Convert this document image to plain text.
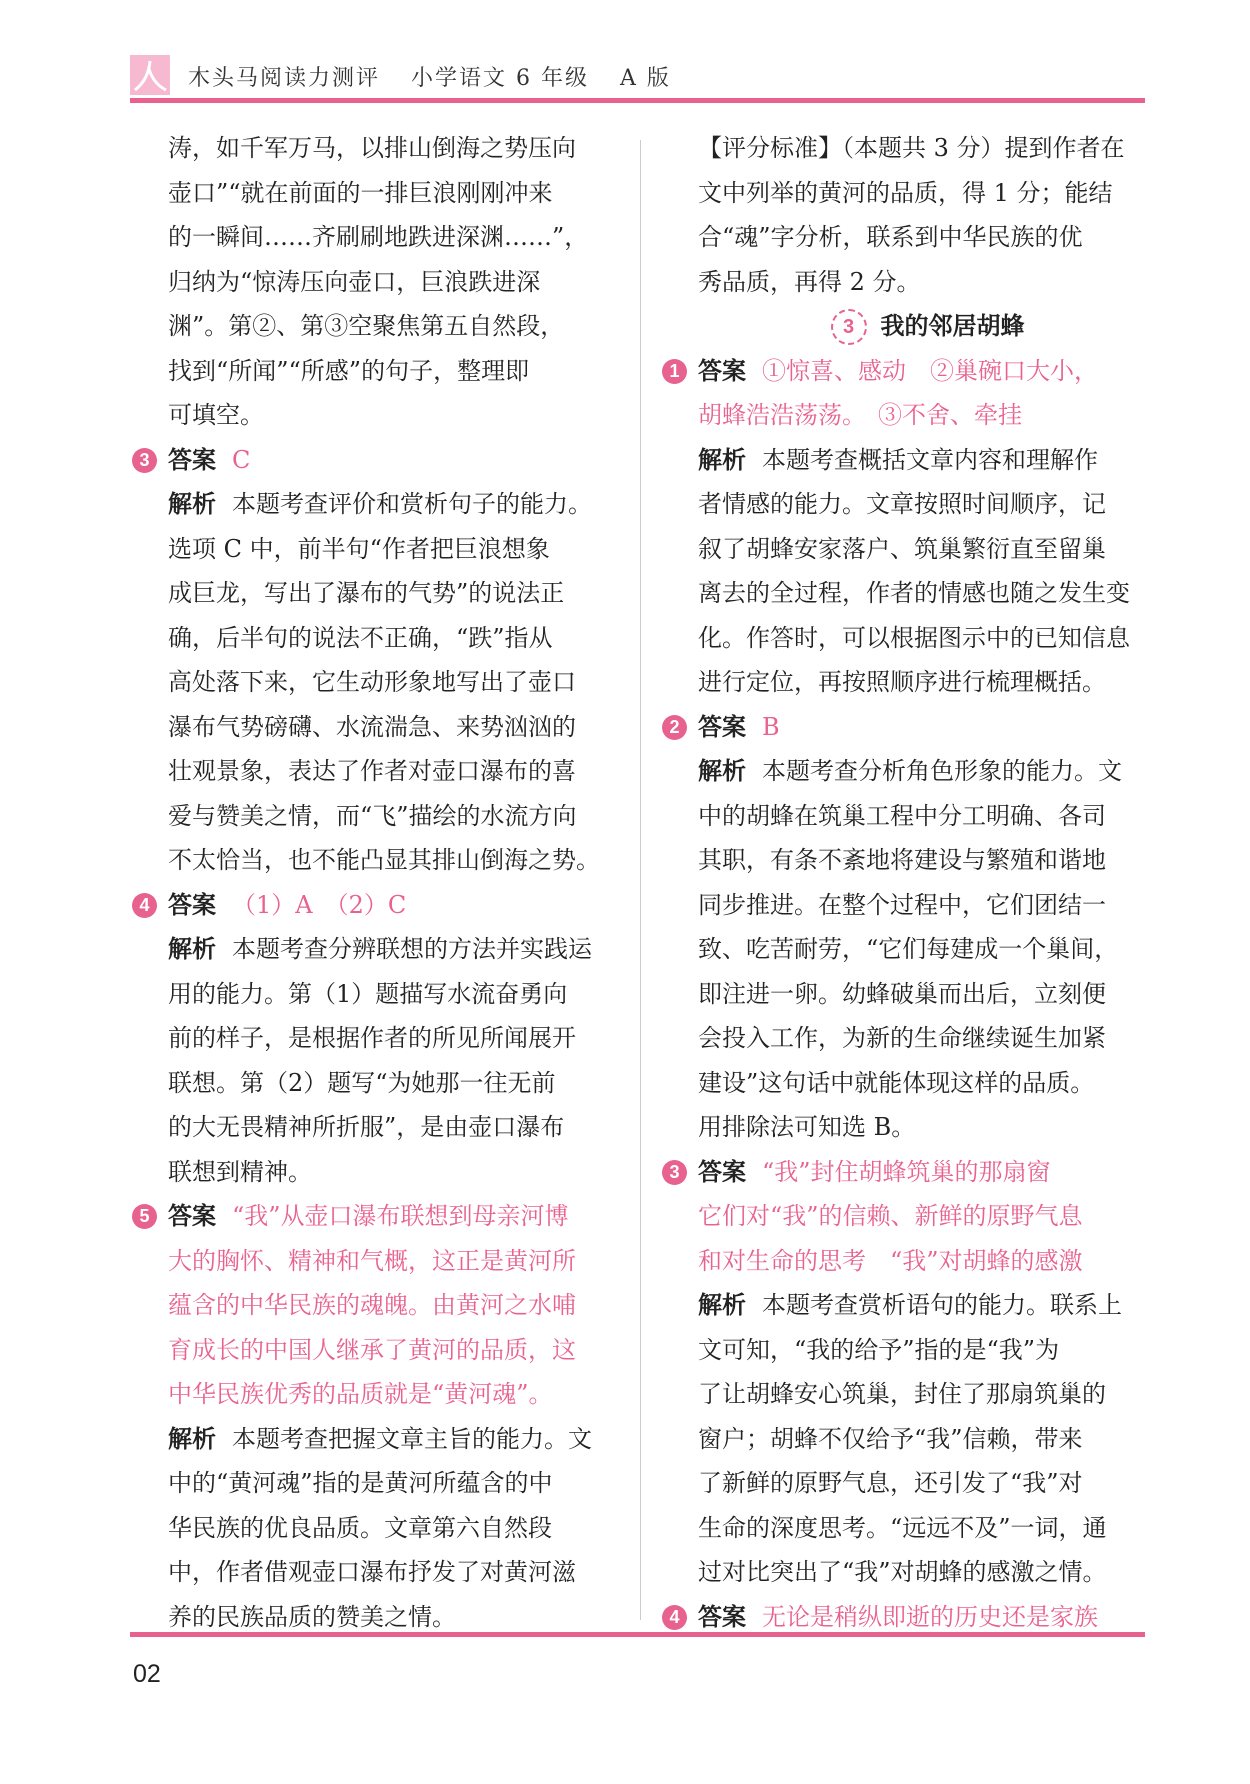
木头马阅读力测评 小学语文 6 年级 A 版
涛，如千军万马，以排山倒海之势压向
壶口”“就在前面的一排巨浪刚刚冲来
的一瞬间……齐刷刷地跌进深渊……”，
归纳为“惊涛压向壶口，巨浪跌进深
渊”。第②、第③空聚焦第五自然段，
找到“所闻”“所感”的句子，整理即
可填空。
3 答案 C
解析 本题考查评价和赏析句子的能力。
选项 C 中，前半句“作者把巨浪想象
成巨龙，写出了瀑布的气势”的说法正
确，后半句的说法不正确，“跌”指从
高处落下来，它生动形象地写出了壶口
瀑布气势磅礴、水流湍急、来势汹汹的
壮观景象，表达了作者对壶口瀑布的喜
爱与赞美之情，而“飞”描绘的水流方向
不太恰当，也不能凸显其排山倒海之势。
4 答案 （1）A　（2）C
解析 本题考查分辨联想的方法并实践运
用的能力。第（1）题描写水流奋勇向
前的样子，是根据作者的所见所闻展开
联想。第（2）题写“为她那一往无前
的大无畏精神所折服”，是由壶口瀑布
联想到精神。
5 答案 “我”从壶口瀑布联想到母亲河博
大的胸怀、精神和气概，这正是黄河所
蕴含的中华民族的魂魄。由黄河之水哺
育成长的中国人继承了黄河的品质，这
中华民族优秀的品质就是“黄河魂”。
解析 本题考查把握文章主旨的能力。文
中的“黄河魂”指的是黄河所蕴含的中
华民族的优良品质。文章第六自然段
中，作者借观壶口瀑布抒发了对黄河滋
养的民族品质的赞美之情。
【评分标准】（本题共 3 分）提到作者在
文中列举的黄河的品质，得 1 分；能结
合“魂”字分析，联系到中华民族的优
秀品质，再得 2 分。
3 我的邻居胡蜂
1 答案 ①惊喜、感动　②巢碗口大小，
胡蜂浩浩荡荡。　③不舍、牵挂
解析 本题考查概括文章内容和理解作
者情感的能力。文章按照时间顺序，记
叙了胡蜂安家落户、筑巢繁衍直至留巢
离去的全过程，作者的情感也随之发生变
化。作答时，可以根据图示中的已知信息
进行定位，再按照顺序进行梳理概括。
2 答案 B
解析 本题考查分析角色形象的能力。文
中的胡蜂在筑巢工程中分工明确、各司
其职，有条不紊地将建设与繁殖和谐地
同步推进。在整个过程中，它们团结一
致、吃苦耐劳，“它们每建成一个巢间，
即注进一卵。幼蜂破巢而出后，立刻便
会投入工作，为新的生命继续诞生加紧
建设”这句话中就能体现这样的品质。
用排除法可知选 B。
3 答案 “我”封住胡蜂筑巢的那扇窗
它们对“我”的信赖、新鲜的原野气息
和对生命的思考　“我”对胡蜂的感激
解析 本题考查赏析语句的能力。联系上
文可知，“我的给予”指的是“我”为
了让胡蜂安心筑巢，封住了那扇筑巢的
窗户；胡蜂不仅给予“我”信赖，带来
了新鲜的原野气息，还引发了“我”对
生命的深度思考。“远远不及”一词，通
过对比突出了“我”对胡蜂的感激之情。
4 答案 无论是稍纵即逝的历史还是家族
02
